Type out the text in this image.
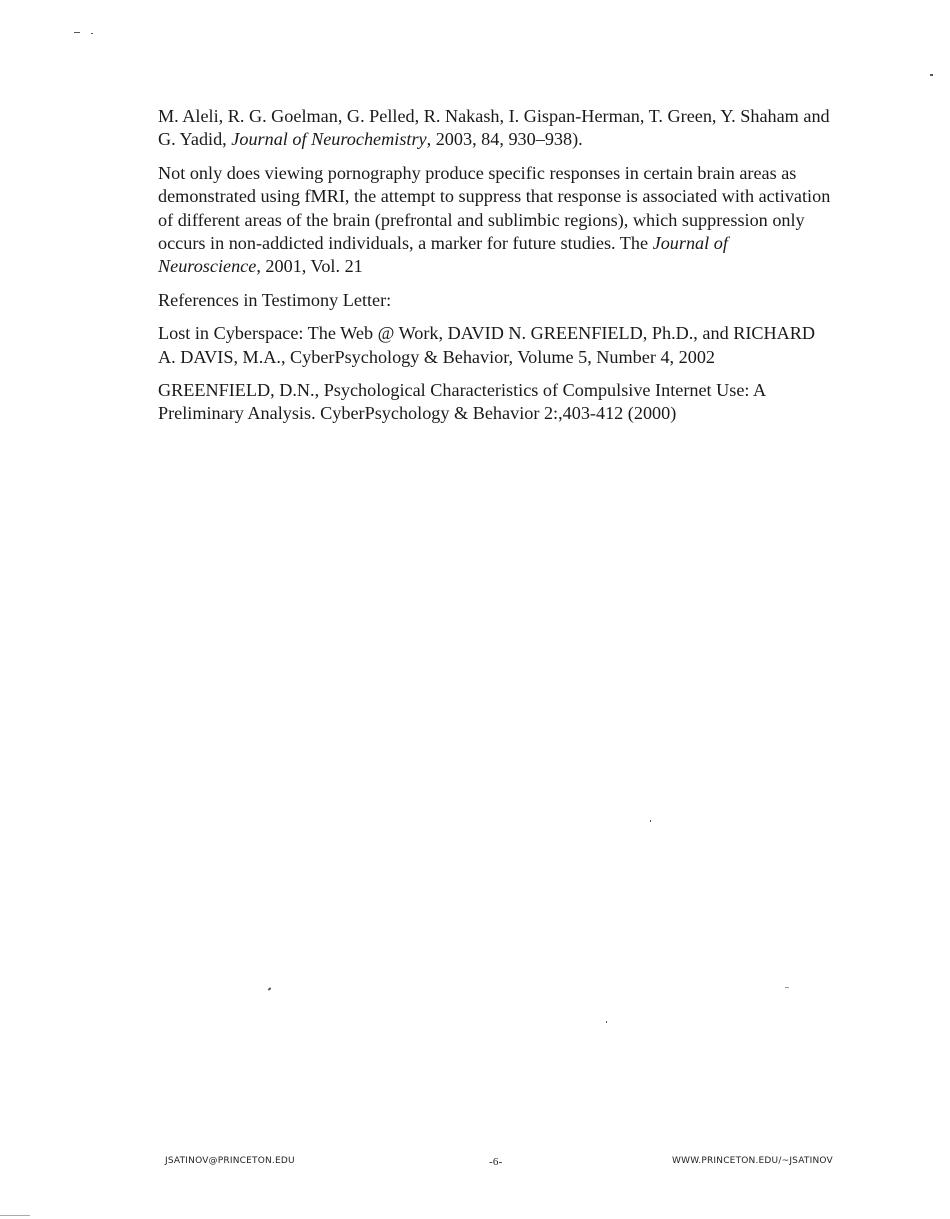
M. Aleli, R. G. Goelman, G. Pelled, R. Nakash, I. Gispan-Herman, T. Green, Y. Shaham and G. Yadid, Journal of Neurochemistry, 2003, 84, 930–938).

Not only does viewing pornography produce specific responses in certain brain areas as demonstrated using fMRI, the attempt to suppress that response is associated with activation of different areas of the brain (prefrontal and sublimbic regions), which suppression only occurs in non-addicted individuals, a marker for future studies. The Journal of Neuroscience, 2001, Vol. 21

References in Testimony Letter:

Lost in Cyberspace: The Web @ Work, DAVID N. GREENFIELD, Ph.D., and RICHARD A. DAVIS, M.A., CyberPsychology & Behavior, Volume 5, Number 4, 2002

GREENFIELD, D.N., Psychological Characteristics of Compulsive Internet Use: A Preliminary Analysis. CyberPsychology & Behavior 2:,403-412 (2000)

JSATINOV@PRINCETON.EDU	-6-	WWW.PRINCETON.EDU/~JSATINOV
